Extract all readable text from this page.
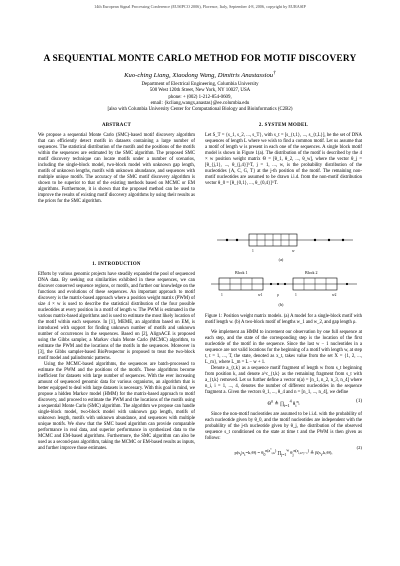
14th European Signal Processing Conference (EUSIPCO 2006), Florence, Italy, September 4-8, 2006, copyright by EURASIP
A SEQUENTIAL MONTE CARLO METHOD FOR MOTIF DISCOVERY
Kuo-ching Liang, Xiaodong Wang, Dimitris Anastassiou†
Department of Electrical Engineering, Columbia University
500 West 120th Street, New York, NY 10027, USA
phone: + (002) 1-212-854-0609,
email: {kcliang,wangx,anastas}@ee.columbia.edu
[also with Columbia University Center for Computational Biology and Bioinformatics (C2B2)
ABSTRACT

We propose a sequential Monte Carlo (SMC)-based motif discovery algorithm that can efficiently detect motifs in datasets containing a large number of sequences. The statistical distribution of the motifs and the positions of the motifs within the sequences are estimated by the SMC algorithm. The proposed SMC motif discovery technique can locate motifs under a number of scenarios, including the single-block model, two-block model with unknown gap length, motifs of unknown lengths, motifs with unknown abundance, and sequences with multiple unique motifs. The accuracy of the SMC motif discovery algorithm is shown to be superior to that of the existing methods based on MCMC or EM algorithms. Furthermore, it is shown that the proposed method can be used to improve the results of existing motif discovery algorithms by using their results as the priors for the SMC algorithm.

1. INTRODUCTION

Efforts by various genomic projects have steadily expanded the pool of sequenced DNA data. By seeking out similarities exhibited in these sequences, we can discover conserved sequence regions, or motifs, and further our knowledge on the functions and evolutions of these sequences. An important approach to motif discovery is the matrix-based approach where a position weight matrix (PWM) of size 4 × w is used to describe the statistical distribution of the four possible nucleotides at every position in a motif of length w. The PWM is estimated in the various matrix-based algorithms and is used to estimate the most likely location of the motif within each sequence. In [1], MEME, an algorithm based on EM, is introduced with support for finding unknown number of motifs and unknown number of occurrences in the sequences. Based on [2], AlignACE is proposed using the Gibbs sampler, a Markov chain Monte Carlo (MCMC) algorithm, to estimate the PWM and the locations of the motifs in the sequences. Moreover in [3], the Gibbs sampler-based BioProspector is proposed to treat the two-block motif model and palindromic patterns.

Using the MCMC-based algorithms, the sequences are batch-processed to estimate the PWM and the positions of the motifs. These algorithms become inefficient for datasets with large number of sequences. With the ever increasing amount of sequenced genomic data for various organisms, an algorithm that is better equipped to deal with large datasets is necessary. With this goal in mind, we propose a hidden Markov model (HMM) for the matrix-based approach to motif discovery, and proceed to estimate the PWM and the locations of the motifs using a sequential Monte Carlo (SMC) algorithm. The algorithm we propose can handle single-block model, two-block model with unknown gap length, motifs of unknown length, motifs with unknown abundance, and sequences with multiple unique motifs. We show that the SMC based algorithm can provide comparable performance in real data, and superior performance in synthesized data to the MCMC and EM-based algorithms. Furthermore, the SMC algorithm can also be used as a second-pass algorithm, taking the MCMC or EM-based results as inputs, and further improve those estimates.

2. SYSTEM MODEL

Let S_T = {s_1, s_2, ..., s_T}, with s_t = [s_{t,1}, ..., s_{t,L}], be the set of DNA sequences of length L where we wish to find a common motif. Let us assume that a motif of length w is present in each one of the sequences. A single block motif model is shown in Figure 1(a). The distribution of the motif is described by the 4 × w position weight matrix Θ = [θ_1, θ_2, ..., θ_w], where the vector θ_j = [θ_{j,1}, ..., θ_{j,4}]^T, j = 1, ..., w, is the probability distribution of the nucleotides {A, C, G, T} at the j-th position of the motif. The remaining non-motif nucleotides are assumed to be drawn i.i.d. from the non-motif distribution vector θ_0 = [θ_{0,1}, ..., θ_{0,4}]^T.

1	w
(a)
Block 1	Block 2
1	w1	ρ	1	w2
(b)

Figure 1: Position weight matrix models. (a) A model for a single-block motif with motif length w. (b) A two-block motif of lengths w_1 and w_2, and gap length ρ.

We implement an HMM to increment our observation by one full sequence at each step, and the state of the corresponding step is the location of the first nucleotide of the motif in the sequence. Since the last w − 1 nucleotides in a sequence are not valid locations for the beginning of a motif with length w, at step t, t = 1, ..., T, the state, denoted as x_t, takes value from the set X = {1, 2, ..., L_m}, where L_m = L − w + 1.

Denote a_{t,k} as a sequence motif fragment of length w from s_t beginning from position k, and denote a^c_{t,k} as the remaining fragment from s_t with a_{t,k} removed. Let us further define a vector n(a) = [n_1, n_2, n_3, n_4] where n_i, i = 1, ..., 4, denotes the number of different nucleotides in the sequence fragment a. Given the vectors θ_1, ..., θ_4 and n = [n_1, ..., n_4], we define

$\Theta^n$ ≜ $\prod_{i=1}^4$ $\theta_i^{n_i}$	(1)

Since the non-motif nucleotides are assumed to be i.i.d. with the probability of each nucleotide given by θ_0, and the motif nucleotides are independent with the probability of the j-th nucleotide given by θ_j, the distribution of the observed sequence s_t conditioned on the state at time t and the PWM is then given as follows:

$p(s_t|x_t=k,\Theta) = \theta_0^{n(a^c_{t,k})}$ $\prod_{j=1}^w$ $\theta_j^{n(a_{t,k+j-1})}$ ≜ $\beta(s_t,k,\Theta)$,
(2)
